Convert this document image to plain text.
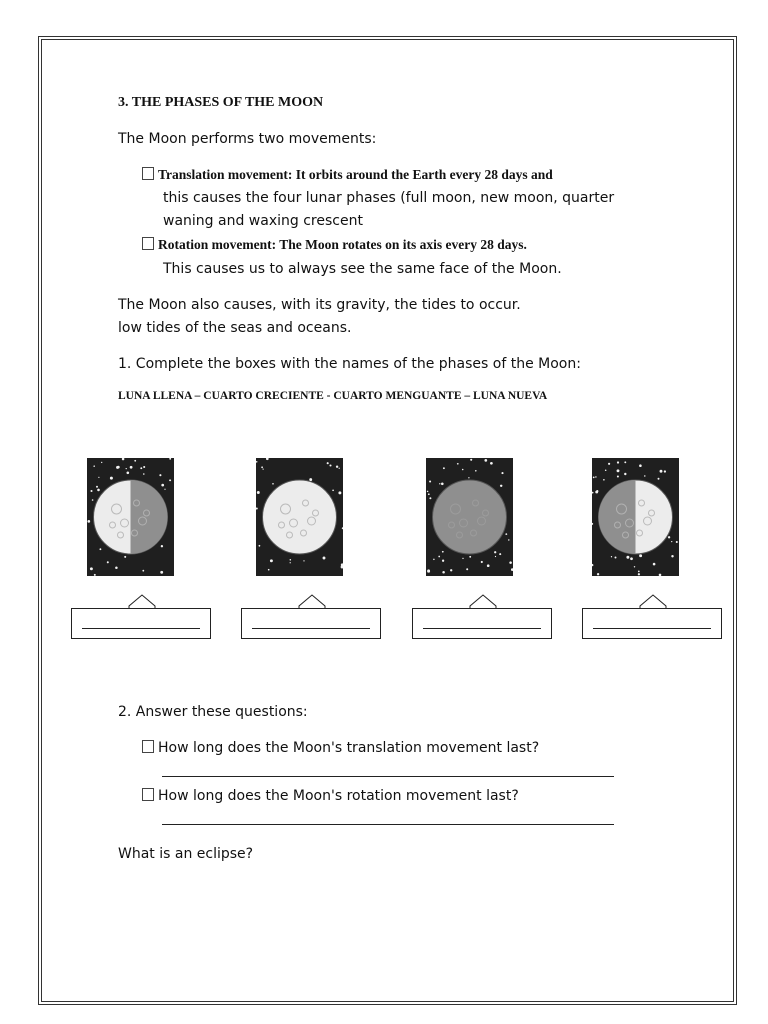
3. THE PHASES OF THE MOON
The Moon performs two movements:
Translation movement: It orbits around the Earth every 28 days and
this causes the four lunar phases (full moon, new moon, quarter
waning and waxing crescent
Rotation movement: The Moon rotates on its axis every 28 days.
This causes us to always see the same face of the Moon.
The Moon also causes, with its gravity, the tides to occur.
low tides of the seas and oceans.
1. Complete the boxes with the names of the phases of the Moon:
LUNA LLENA – CUARTO CRECIENTE - CUARTO MENGUANTE – LUNA NUEVA
2. Answer these questions:
How long does the Moon's translation movement last?
How long does the Moon's rotation movement last?
What is an eclipse?
